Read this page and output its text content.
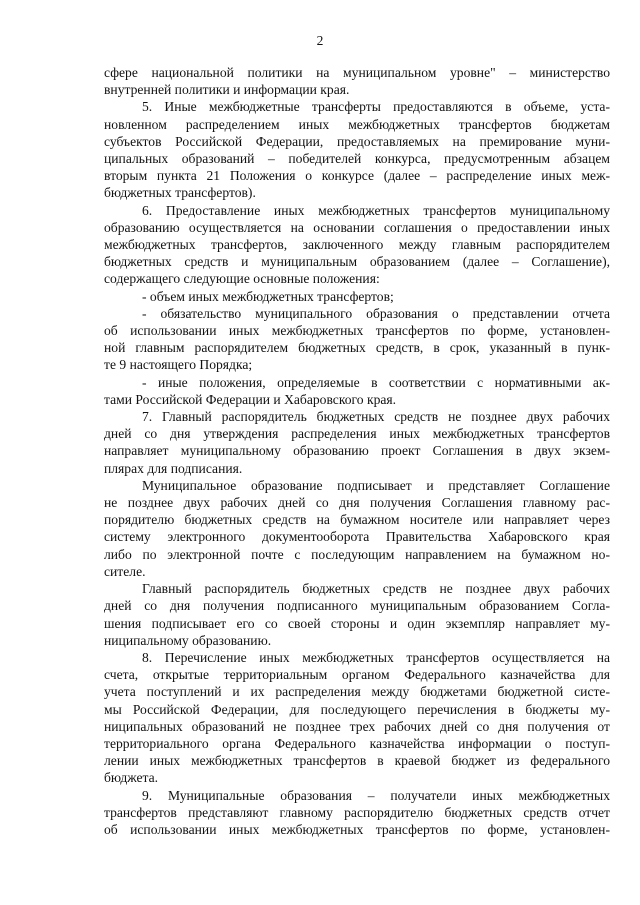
2
сфере национальной политики на муниципальном уровне" – министерство
внутренней политики и информации края.
5. Иные межбюджетные трансферты предоставляются в объеме, уста-
новленном распределением иных межбюджетных трансфертов бюджетам
субъектов Российской Федерации, предоставляемых на премирование муни-
ципальных образований – победителей конкурса, предусмотренным абзацем
вторым пункта 21 Положения о конкурсе (далее – распределение иных меж-
бюджетных трансфертов).
6. Предоставление иных межбюджетных трансфертов муниципальному
образованию осуществляется на основании соглашения о предоставлении иных
межбюджетных трансфертов, заключенного между главным распорядителем
бюджетных средств и муниципальным образованием (далее – Соглашение),
содержащего следующие основные положения:
- объем иных межбюджетных трансфертов;
- обязательство муниципального образования о представлении отчета
об использовании иных межбюджетных трансфертов по форме, установлен-
ной главным распорядителем бюджетных средств, в срок, указанный в пунк-
те 9 настоящего Порядка;
- иные положения, определяемые в соответствии с нормативными ак-
тами Российской Федерации и Хабаровского края.
7. Главный распорядитель бюджетных средств не позднее двух рабочих
дней со дня утверждения распределения иных межбюджетных трансфертов
направляет муниципальному образованию проект Соглашения в двух экзем-
плярах для подписания.
Муниципальное образование подписывает и представляет Соглашение
не позднее двух рабочих дней со дня получения Соглашения главному рас-
порядителю бюджетных средств на бумажном носителе или направляет через
систему электронного документооборота Правительства Хабаровского края
либо по электронной почте с последующим направлением на бумажном но-
сителе.
Главный распорядитель бюджетных средств не позднее двух рабочих
дней со дня получения подписанного муниципальным образованием Согла-
шения подписывает его со своей стороны и один экземпляр направляет му-
ниципальному образованию.
8. Перечисление иных межбюджетных трансфертов осуществляется на
счета, открытые территориальным органом Федерального казначейства для
учета поступлений и их распределения между бюджетами бюджетной систе-
мы Российской Федерации, для последующего перечисления в бюджеты му-
ниципальных образований не позднее трех рабочих дней со дня получения от
территориального органа Федерального казначейства информации о поступ-
лении иных межбюджетных трансфертов в краевой бюджет из федерального
бюджета.
9. Муниципальные образования – получатели иных межбюджетных
трансфертов представляют главному распорядителю бюджетных средств отчет
об использовании иных межбюджетных трансфертов по форме, установлен-
